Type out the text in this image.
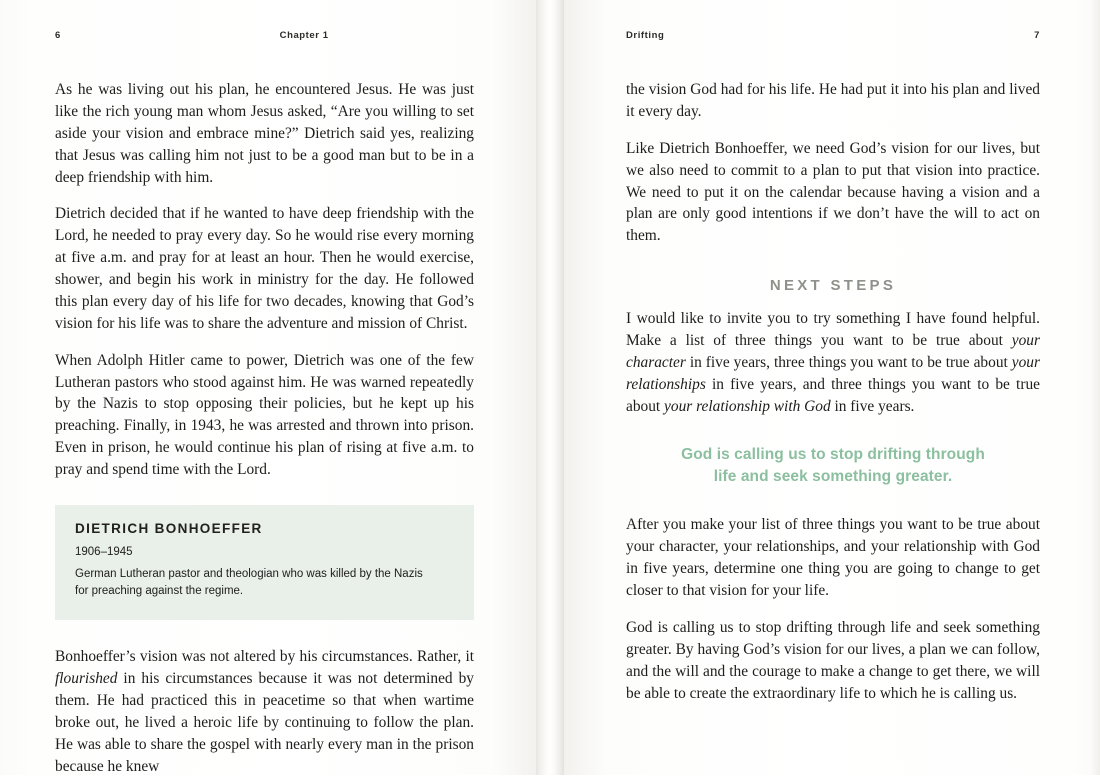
6	Chapter 1

As he was living out his plan, he encountered Jesus. He was just like the rich young man whom Jesus asked, “Are you willing to set aside your vision and embrace mine?” Dietrich said yes, realizing that Jesus was calling him not just to be a good man but to be in a deep friendship with him.

Dietrich decided that if he wanted to have deep friendship with the Lord, he needed to pray every day. So he would rise every morning at five a.m. and pray for at least an hour. Then he would exercise, shower, and begin his work in ministry for the day. He followed this plan every day of his life for two decades, knowing that God’s vision for his life was to share the adventure and mission of Christ.

When Adolph Hitler came to power, Dietrich was one of the few Lutheran pastors who stood against him. He was warned repeatedly by the Nazis to stop opposing their policies, but he kept up his preaching. Finally, in 1943, he was arrested and thrown into prison. Even in prison, he would continue his plan of rising at five a.m. to pray and spend time with the Lord.

DIETRICH BONHOEFFER
1906–1945
German Lutheran pastor and theologian who was killed by the Nazis for preaching against the regime.

Bonhoeffer’s vision was not altered by his circumstances. Rather, it flourished in his circumstances because it was not determined by them. He had practiced this in peacetime so that when wartime broke out, he lived a heroic life by continuing to follow the plan. He was able to share the gospel with nearly every man in the prison because he knew

Drifting	7

the vision God had for his life. He had put it into his plan and lived it every day.

Like Dietrich Bonhoeffer, we need God’s vision for our lives, but we also need to commit to a plan to put that vision into practice. We need to put it on the calendar because having a vision and a plan are only good intentions if we don’t have the will to act on them.

NEXT STEPS

I would like to invite you to try something I have found helpful. Make a list of three things you want to be true about your character in five years, three things you want to be true about your relationships in five years, and three things you want to be true about your relationship with God in five years.

God is calling us to stop drifting through
life and seek something greater.

After you make your list of three things you want to be true about your character, your relationships, and your relationship with God in five years, determine one thing you are going to change to get closer to that vision for your life.

God is calling us to stop drifting through life and seek something greater. By having God’s vision for our lives, a plan we can follow, and the will and the courage to make a change to get there, we will be able to create the extraordinary life to which he is calling us.
